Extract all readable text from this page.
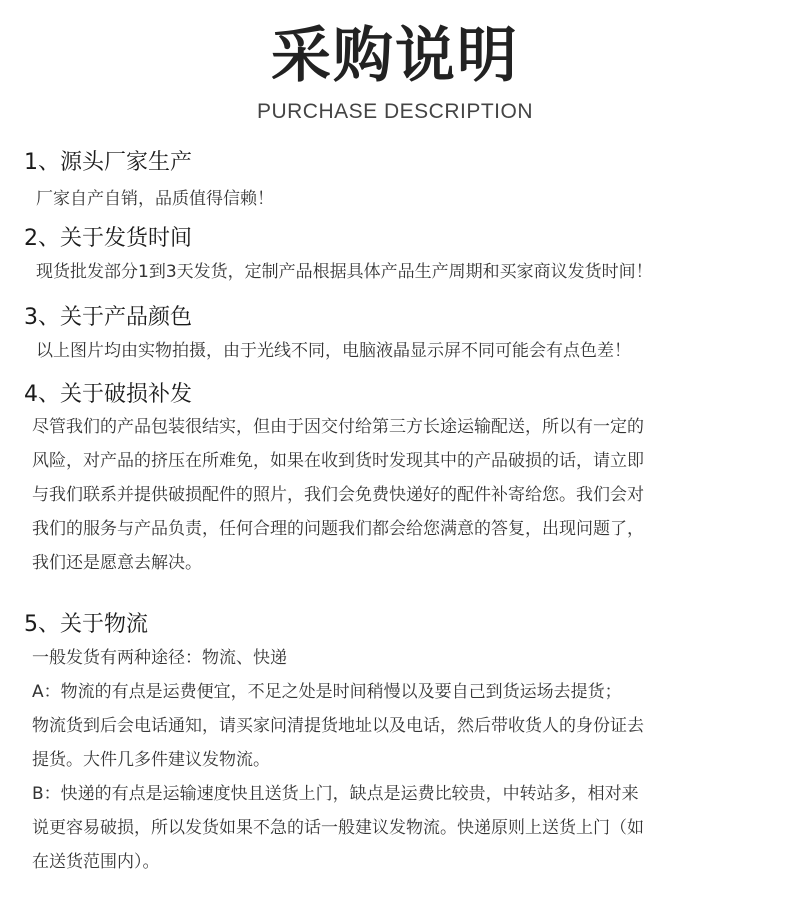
采购说明
PURCHASE DESCRIPTION
1、源头厂家生产
厂家自产自销，品质值得信赖！
2、关于发货时间
现货批发部分1到3天发货，定制产品根据具体产品生产周期和买家商议发货时间！
3、关于产品颜色
以上图片均由实物拍摄，由于光线不同，电脑液晶显示屏不同可能会有点色差！
4、关于破损补发
尽管我们的产品包装很结实，但由于因交付给第三方长途运输配送，所以有一定的
风险，对产品的挤压在所难免，如果在收到货时发现其中的产品破损的话，请立即
与我们联系并提供破损配件的照片，我们会免费快递好的配件补寄给您。我们会对
我们的服务与产品负责，任何合理的问题我们都会给您满意的答复，出现问题了，
我们还是愿意去解决。
5、关于物流
一般发货有两种途径：物流、快递
A：物流的有点是运费便宜，不足之处是时间稍慢以及要自己到货运场去提货；
物流货到后会电话通知，请买家问清提货地址以及电话，然后带收货人的身份证去
提货。大件几多件建议发物流。
B：快递的有点是运输速度快且送货上门，缺点是运费比较贵，中转站多，相对来
说更容易破损，所以发货如果不急的话一般建议发物流。快递原则上送货上门（如
在送货范围内）。
